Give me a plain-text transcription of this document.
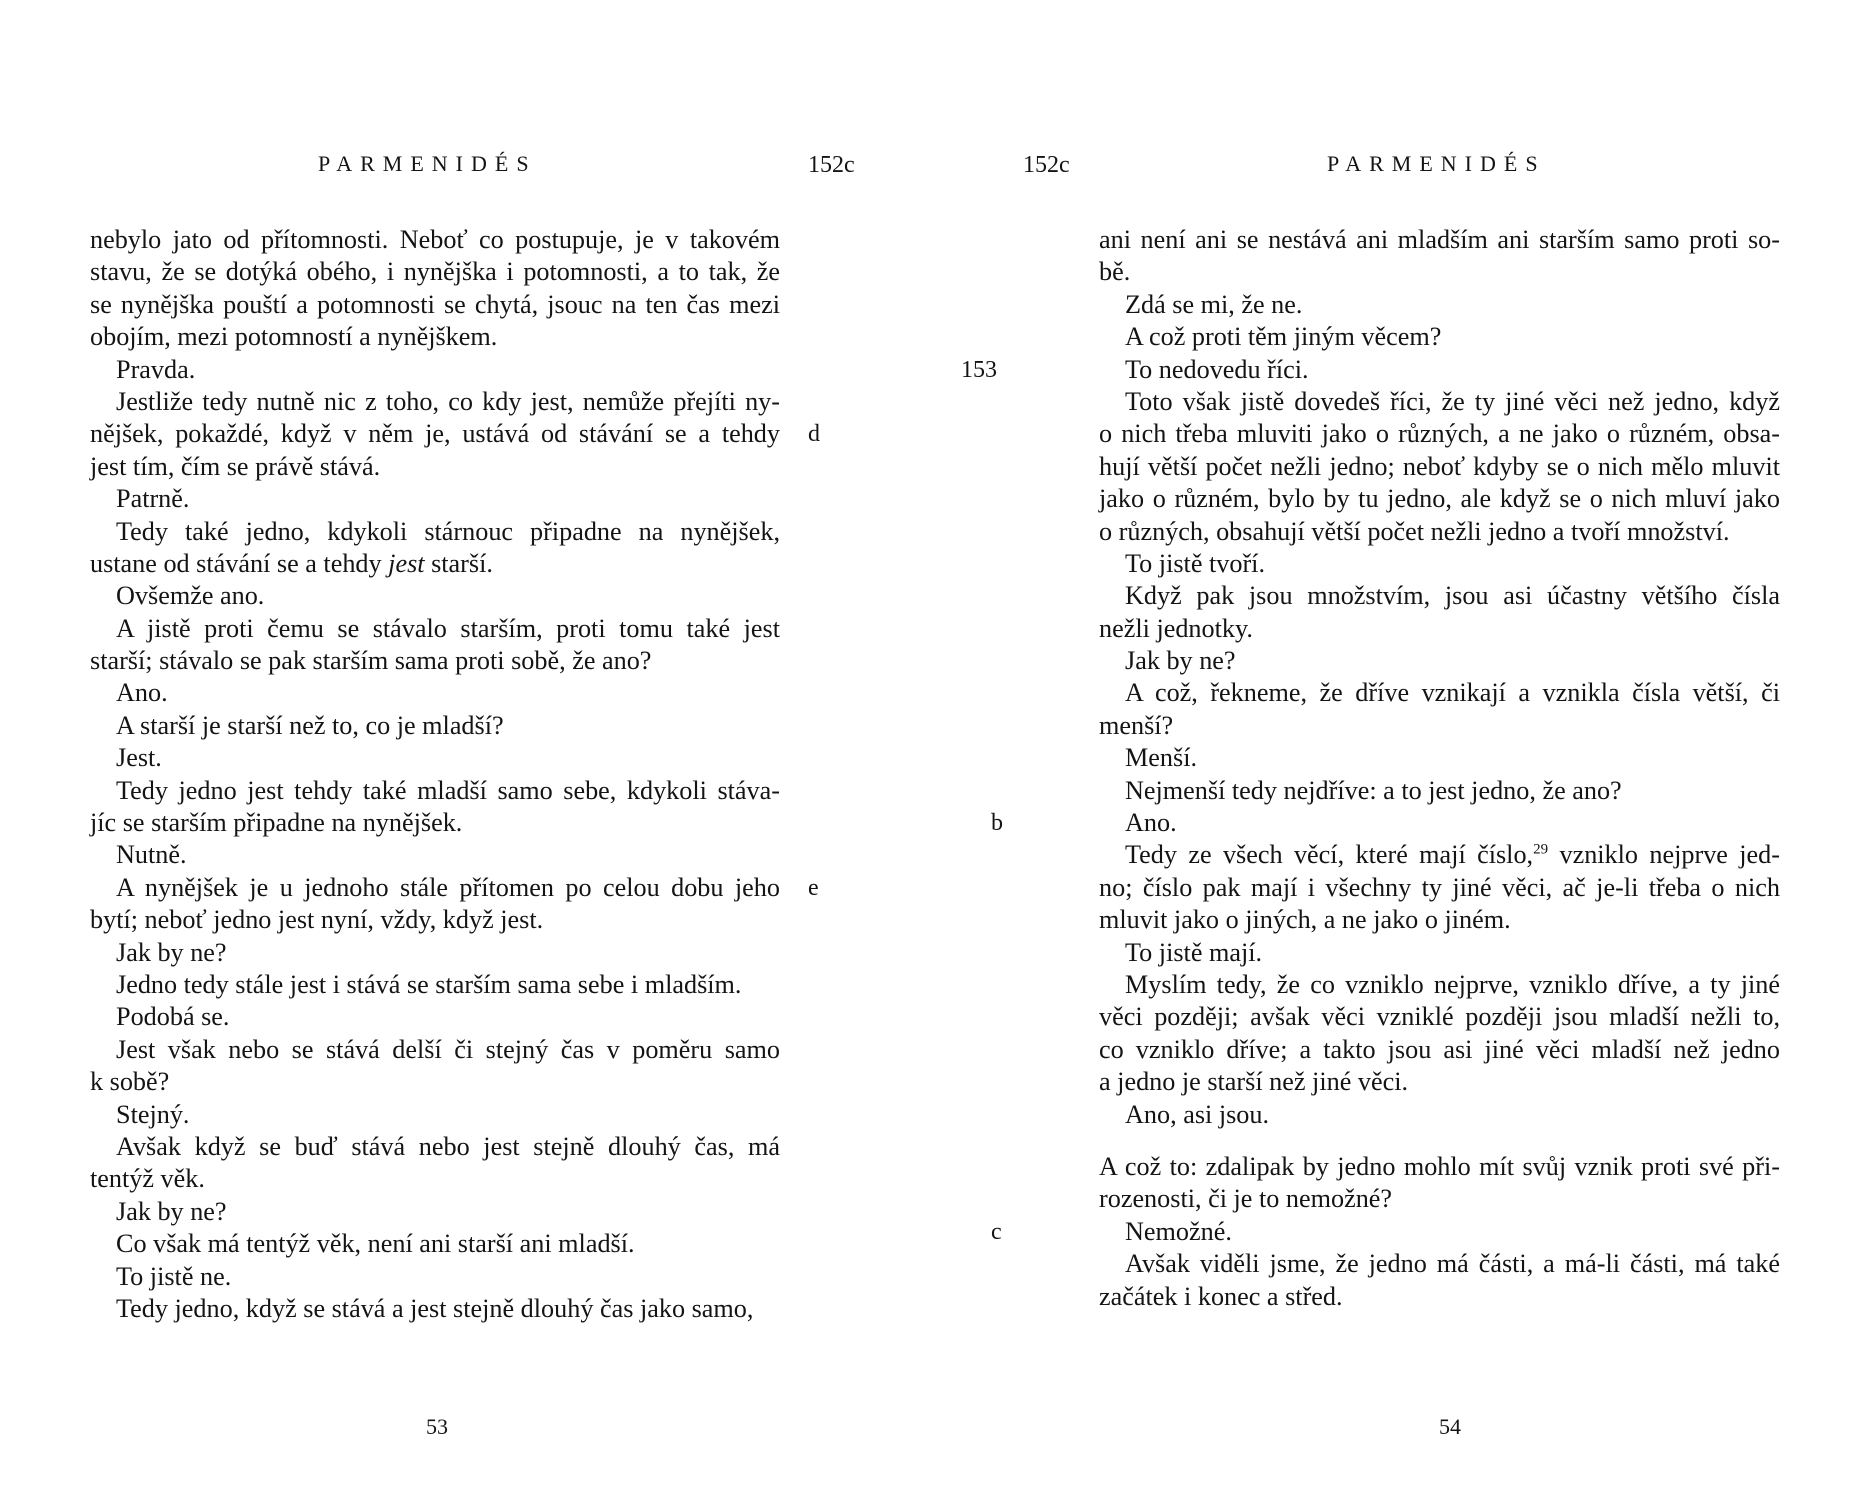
PARMENIDÉS	152c
nebylo jato od přítomnosti. Neboť co postupuje, je v takovém
stavu, že se dotýká obého, i nynějška i potomnosti, a to tak, že
se nynějška pouští a potomnosti se chytá, jsouc na ten čas mezi
obojím, mezi potomností a nynějškem.
Pravda.
Jestliže tedy nutně nic z toho, co kdy jest, nemůže přejíti ny-
nějšek, pokaždé, když v něm je, ustává od stávání se a tehdy d
jest tím, čím se právě stává.
Patrně.
Tedy také jedno, kdykoli stárnouc připadne na nynějšek,
ustane od stávání se a tehdy jest starší.
Ovšemže ano.
A jistě proti čemu se stávalo starším, proti tomu také jest
starší; stávalo se pak starším sama proti sobě, že ano?
Ano.
A starší je starší než to, co je mladší?
Jest.
Tedy jedno jest tehdy také mladší samo sebe, kdykoli stáva-
jíc se starším připadne na nynějšek.
Nutně.
A nynějšek je u jednoho stále přítomen po celou dobu jeho e
bytí; neboť jedno jest nyní, vždy, když jest.
Jak by ne?
Jedno tedy stále jest i stává se starším sama sebe i mladším.
Podobá se.
Jest však nebo se stává delší či stejný čas v poměru samo
k sobě?
Stejný.
Avšak když se buď stává nebo jest stejně dlouhý čas, má
tentýž věk.
Jak by ne?
Co však má tentýž věk, není ani starší ani mladší.
To jistě ne.
Tedy jedno, když se stává a jest stejně dlouhý čas jako samo,
53
PARMENIDÉS
152c
ani není ani se nestává ani mladším ani starším samo proti so-
bě.
Zdá se mi, že ne.
A což proti těm jiným věcem?
To nedovedu říci.
153
Toto však jistě dovedeš říci, že ty jiné věci než jedno, když
o nich třeba mluviti jako o různých, a ne jako o různém, obsa-
hují větší počet nežli jedno; neboť kdyby se o nich mělo mluvit
jako o různém, bylo by tu jedno, ale když se o nich mluví jako
o různých, obsahují větší počet nežli jedno a tvoří množství.
To jistě tvoří.
Když pak jsou množstvím, jsou asi účastny většího čísla
nežli jednotky.
Jak by ne?
A což, řekneme, že dříve vznikají a vznikla čísla větší, či
menší?
Menší.
Nejmenší tedy nejdříve: a to jest jedno, že ano?
Ano.
b
Tedy ze všech věcí, které mají číslo,$^{29}$ vzniklo nejprve jed-
no; číslo pak mají i všechny ty jiné věci, ač je-li třeba o nich
mluvit jako o jiných, a ne jako o jiném.
To jistě mají.
Myslím tedy, že co vzniklo nejprve, vzniklo dříve, a ty jiné
věci později; avšak věci vzniklé později jsou mladší nežli to,
co vzniklo dříve; a takto jsou asi jiné věci mladší než jedno
a jedno je starší než jiné věci.
Ano, asi jsou.
A což to: zdalipak by jedno mohlo mít svůj vznik proti své při-
rozenosti, či je to nemožné?
Nemožné.
c
Avšak viděli jsme, že jedno má části, a má-li části, má také
začátek i konec a střed.
54
